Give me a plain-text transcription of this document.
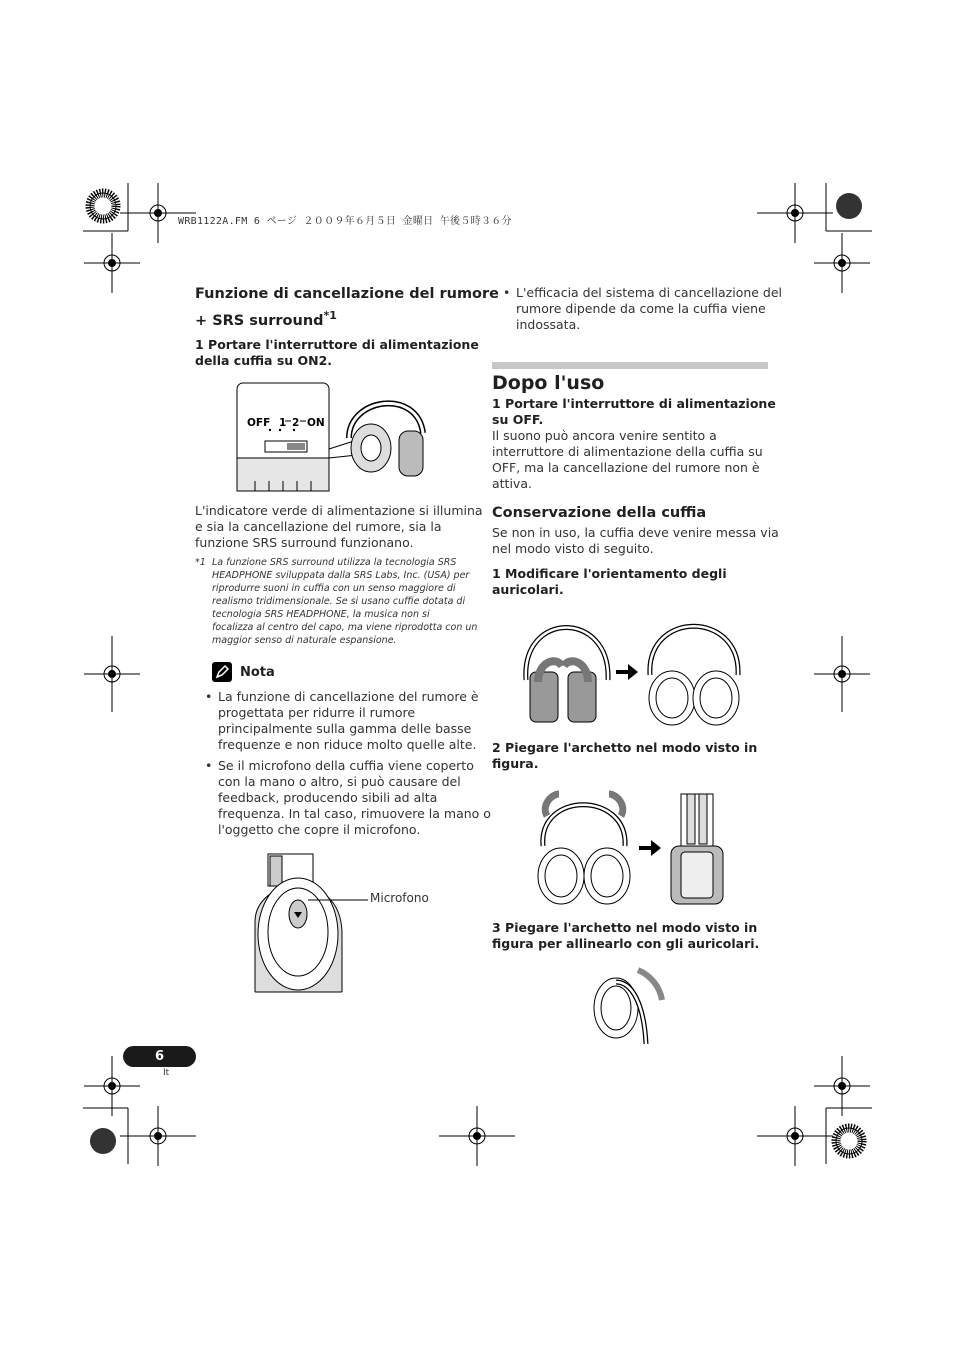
WRB1122A.FM 6 ページ ２００９年６月５日 金曜日 午後５時３６分
Funzione di cancellazione del rumore
+ SRS surround$^{*1}$
1 Portare l'interruttore di alimentazione
della cuffia su ON2.
OFF 1 2 ON
L'indicatore verde di alimentazione si illumina
e sia la cancellazione del rumore, sia la
funzione SRS surround funzionano.
*1 La funzione SRS surround utilizza la tecnologia SRS
HEADPHONE sviluppata dalla SRS Labs, Inc. (USA) per
riprodurre suoni in cuffia con un senso maggiore di
realismo tridimensionale. Se si usano cuffie dotata di
tecnologia SRS HEADPHONE, la musica non si
focalizza al centro del capo, ma viene riprodotta con un
maggior senso di naturale espansione.
Nota
• La funzione di cancellazione del rumore è
progettata per ridurre il rumore
principalmente sulla gamma delle basse
frequenze e non riduce molto quelle alte.
• Se il microfono della cuffia viene coperto
con la mano o altro, si può causare del
feedback, producendo sibili ad alta
frequenza. In tal caso, rimuovere la mano o
l'oggetto che copre il microfono.
Microfono
• L'efficacia del sistema di cancellazione del
rumore dipende da come la cuffia viene
indossata.
Dopo l'uso
1 Portare l'interruttore di alimentazione
su OFF.
Il suono può ancora venire sentito a
interruttore di alimentazione della cuffia su
OFF, ma la cancellazione del rumore non è
attiva.
Conservazione della cuffia
Se non in uso, la cuffia deve venire messa via
nel modo visto di seguito.
1 Modificare l'orientamento degli
auricolari.
2 Piegare l'archetto nel modo visto in
figura.
3 Piegare l'archetto nel modo visto in
figura per allinearlo con gli auricolari.
6
It
